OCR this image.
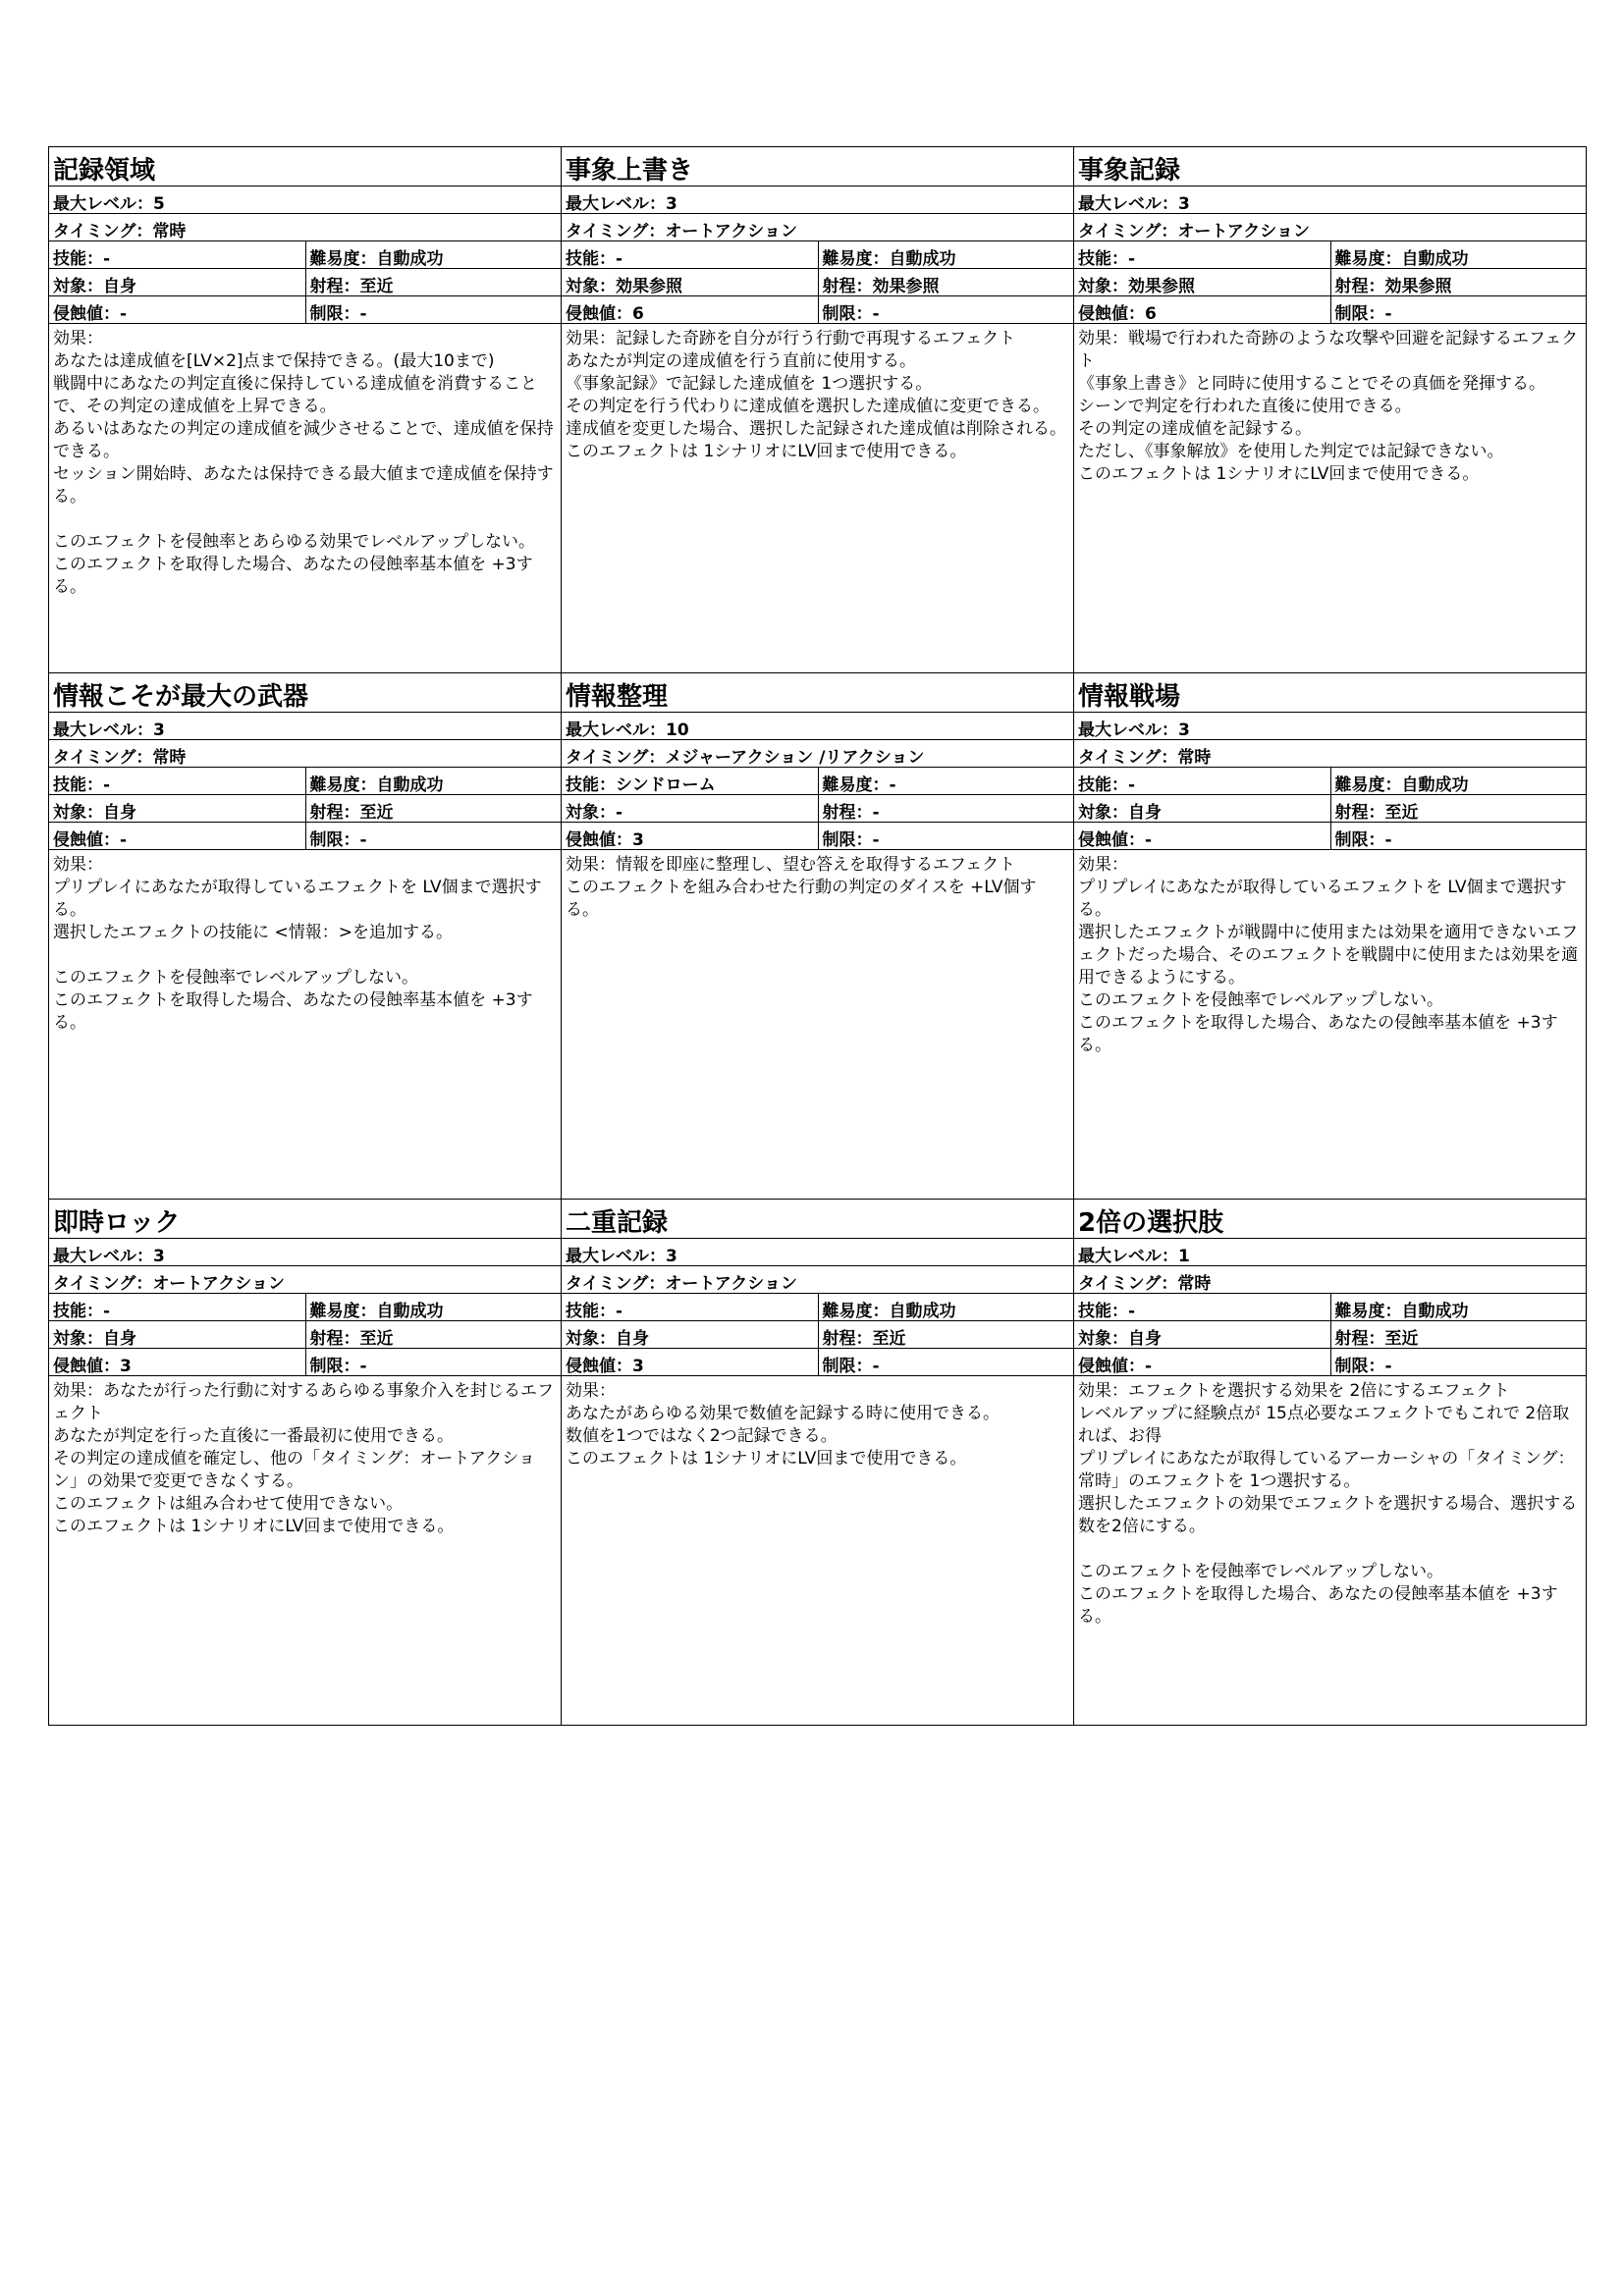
記録領域
最大レベル：5
タイミング：常時
技能：-	難易度：自動成功
対象：自身	射程：至近
侵蝕値：-	制限：-
効果：
あなたは達成値を[LV×2]点まで保持できる。(最大10まで)
戦闘中にあなたの判定直後に保持している達成値を消費することで、その判定の達成値を上昇できる。
あるいはあなたの判定の達成値を減少させることで、達成値を保持できる。
セッション開始時、あなたは保持できる最大値まで達成値を保持する。

このエフェクトを侵蝕率とあらゆる効果でレベルアップしない。
このエフェクトを取得した場合、あなたの侵蝕率基本値を +3する。
事象上書き
最大レベル：3
タイミング：オートアクション
技能：-	難易度：自動成功
対象：効果参照	射程：効果参照
侵蝕値：6	制限：-
効果：記録した奇跡を自分が行う行動で再現するエフェクト
あなたが判定の達成値を行う直前に使用する。
《事象記録》で記録した達成値を 1つ選択する。
その判定を行う代わりに達成値を選択した達成値に変更できる。
達成値を変更した場合、選択した記録された達成値は削除される。
このエフェクトは 1シナリオにLV回まで使用できる。
事象記録
最大レベル：3
タイミング：オートアクション
技能：-	難易度：自動成功
対象：効果参照	射程：効果参照
侵蝕値：6	制限：-
効果：戦場で行われた奇跡のような攻撃や回避を記録するエフェクト
《事象上書き》と同時に使用することでその真価を発揮する。
シーンで判定を行われた直後に使用できる。
その判定の達成値を記録する。
ただし、《事象解放》を使用した判定では記録できない。
このエフェクトは 1シナリオにLV回まで使用できる。
情報こそが最大の武器
最大レベル：3
タイミング：常時
技能：-	難易度：自動成功
対象：自身	射程：至近
侵蝕値：-	制限：-
効果：
プリプレイにあなたが取得しているエフェクトを LV個まで選択する。
選択したエフェクトの技能に <情報：>を追加する。

このエフェクトを侵蝕率でレベルアップしない。
このエフェクトを取得した場合、あなたの侵蝕率基本値を +3する。
情報整理
最大レベル：10
タイミング：メジャーアクション /リアクション
技能：シンドローム	難易度：-
対象：-	射程：-
侵蝕値：3	制限：-
効果：情報を即座に整理し、望む答えを取得するエフェクト
このエフェクトを組み合わせた行動の判定のダイスを +LV個する。
情報戦場
最大レベル：3
タイミング：常時
技能：-	難易度：自動成功
対象：自身	射程：至近
侵蝕値：-	制限：-
効果：
プリプレイにあなたが取得しているエフェクトを LV個まで選択する。
選択したエフェクトが戦闘中に使用または効果を適用できないエフェクトだった場合、そのエフェクトを戦闘中に使用または効果を適用できるようにする。
このエフェクトを侵蝕率でレベルアップしない。
このエフェクトを取得した場合、あなたの侵蝕率基本値を +3する。
即時ロック
最大レベル：3
タイミング：オートアクション
技能：-	難易度：自動成功
対象：自身	射程：至近
侵蝕値：3	制限：-
効果：あなたが行った行動に対するあらゆる事象介入を封じるエフェクト
あなたが判定を行った直後に一番最初に使用できる。
その判定の達成値を確定し、他の「タイミング：オートアクション」の効果で変更できなくする。
このエフェクトは組み合わせて使用できない。
このエフェクトは 1シナリオにLV回まで使用できる。
二重記録
最大レベル：3
タイミング：オートアクション
技能：-	難易度：自動成功
対象：自身	射程：至近
侵蝕値：3	制限：-
効果：
あなたがあらゆる効果で数値を記録する時に使用できる。
数値を1つではなく2つ記録できる。
このエフェクトは 1シナリオにLV回まで使用できる。
2倍の選択肢
最大レベル：1
タイミング：常時
技能：-	難易度：自動成功
対象：自身	射程：至近
侵蝕値：-	制限：-
効果：エフェクトを選択する効果を 2倍にするエフェクト
レベルアップに経験点が 15点必要なエフェクトでもこれで 2倍取れば、お得
プリプレイにあなたが取得しているアーカーシャの「タイミング：常時」のエフェクトを 1つ選択する。
選択したエフェクトの効果でエフェクトを選択する場合、選択する数を2倍にする。

このエフェクトを侵蝕率でレベルアップしない。
このエフェクトを取得した場合、あなたの侵蝕率基本値を +3する。
